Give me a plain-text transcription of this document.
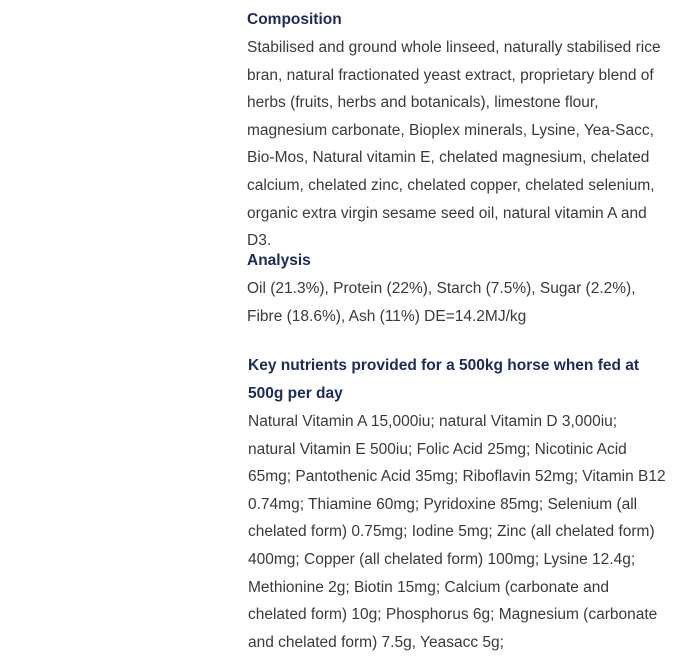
Composition

Stabilised and ground whole linseed, naturally stabilised rice bran, natural fractionated yeast extract, proprietary blend of herbs (fruits, herbs and botanicals), limestone flour, magnesium carbonate, Bioplex minerals, Lysine, Yea-Sacc, Bio-Mos, Natural vitamin E, chelated magnesium, chelated calcium, chelated zinc, chelated copper, chelated selenium, organic extra virgin sesame seed oil, natural vitamin A and D3.

Analysis

Oil (21.3%), Protein (22%), Starch (7.5%), Sugar (2.2%), Fibre (18.6%), Ash (11%) DE=14.2MJ/kg

Key nutrients provided for a 500kg horse when fed at 500g per day

Natural Vitamin A 15,000iu; natural Vitamin D 3,000iu; natural Vitamin E 500iu; Folic Acid 25mg; Nicotinic Acid 65mg; Pantothenic Acid 35mg; Riboflavin 52mg; Vitamin B12 0.74mg; Thiamine 60mg; Pyridoxine 85mg; Selenium (all chelated form) 0.75mg; Iodine 5mg; Zinc (all chelated form) 400mg; Copper (all chelated form) 100mg; Lysine 12.4g; Methionine 2g; Biotin 15mg; Calcium (carbonate and chelated form) 10g; Phosphorus 6g; Magnesium (carbonate and chelated form) 7.5g, Yeasacc 5g;
